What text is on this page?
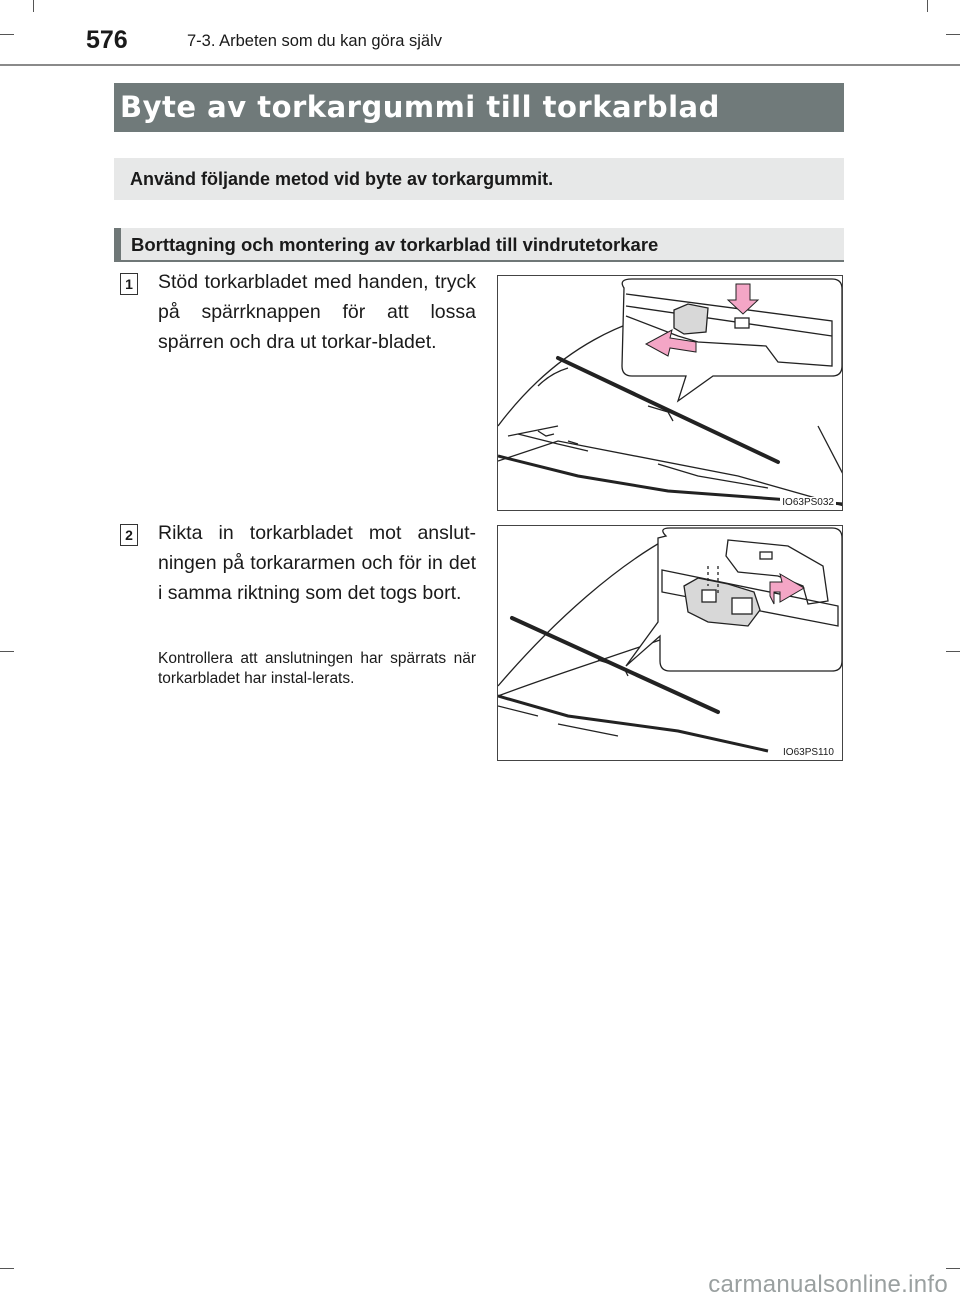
576	7-3. Arbeten som du kan göra själv
Byte av torkargummi till torkarblad
Använd följande metod vid byte av torkargummit.
Borttagning och montering av torkarblad till vindrutetorkare
1 Stöd torkarbladet med handen, tryck på spärrknappen för att lossa spärren och dra ut torkar-bladet.
IO63PS032
2 Rikta in torkarbladet mot anslut-ningen på torkararmen och för in det i samma riktning som det togs bort.
Kontrollera att anslutningen har spärrats när torkarbladet har instal-lerats.
IO63PS110
carmanualsonline.info
